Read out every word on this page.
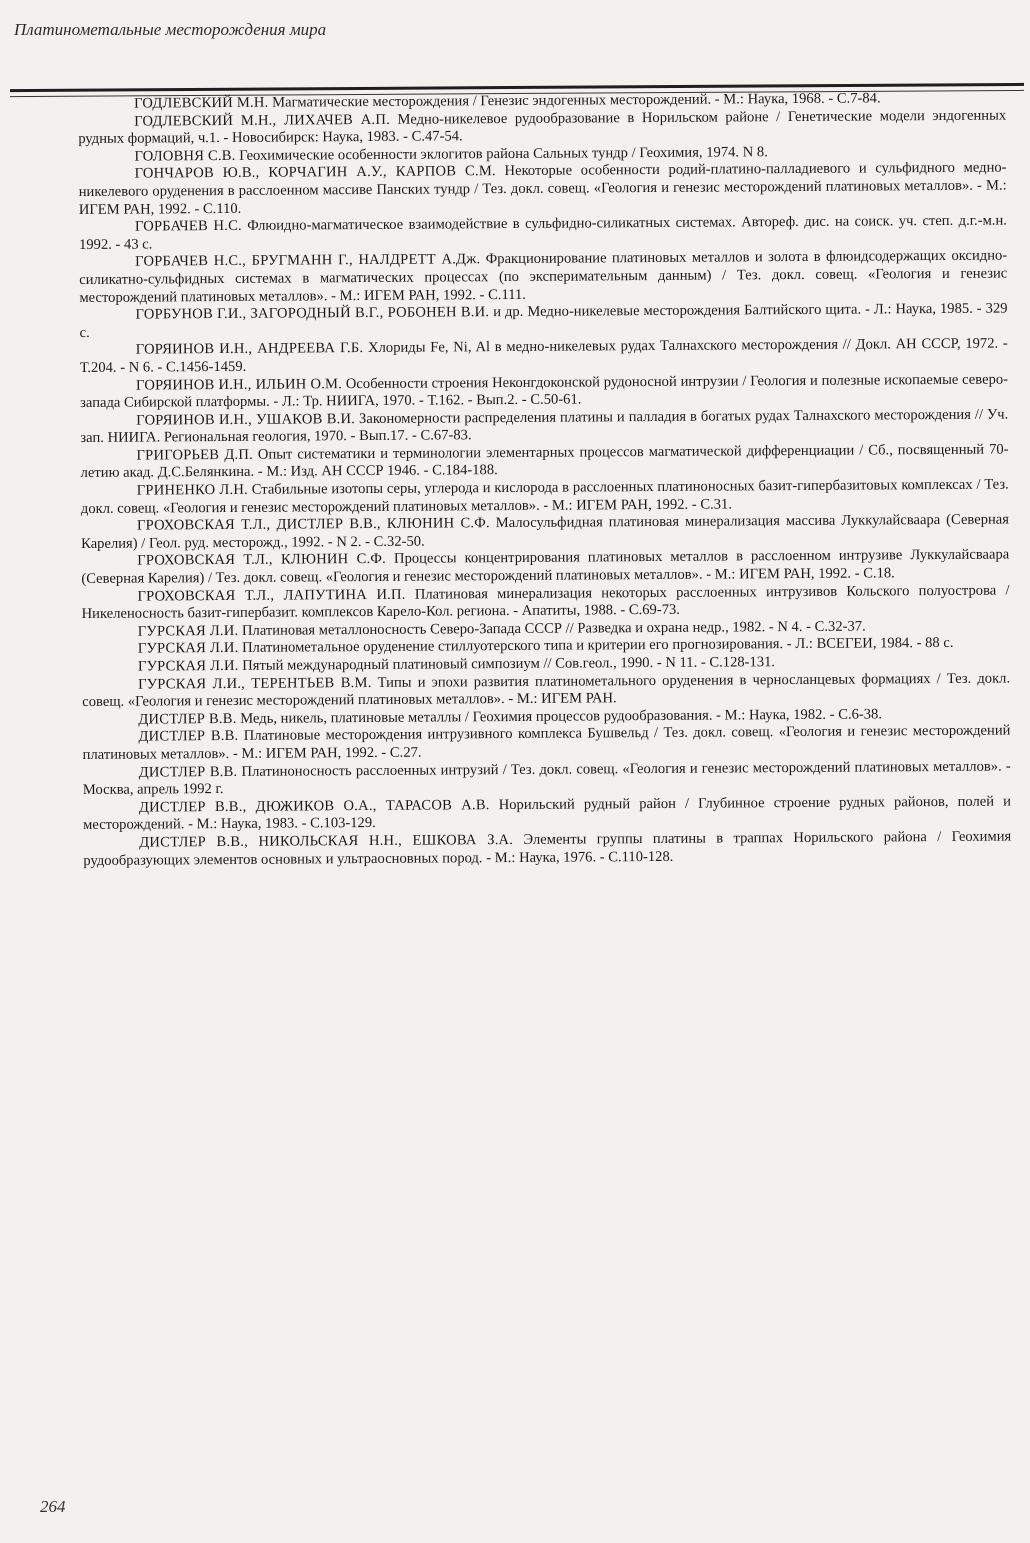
Платинометальные месторождения мира

ГОДЛЕВСКИЙ М.Н. Магматические месторождения / Генезис эндогенных месторождений. - М.: Наука, 1968. - С.7-84.

ГОДЛЕВСКИЙ М.Н., ЛИХАЧЕВ А.П. Медно-никелевое рудообразование в Норильском районе / Генетические модели эндогенных рудных формаций, ч.1. - Новосибирск: Наука, 1983. - С.47-54.

ГОЛОВНЯ С.В. Геохимические особенности эклогитов района Сальных тундр / Геохимия, 1974. N 8.

ГОНЧАРОВ Ю.В., КОРЧАГИН А.У., КАРПОВ С.М. Некоторые особенности родий-платино-палладиевого и сульфидного медно-никелевого оруденения в расслоенном массиве Панских тундр / Тез. докл. совещ. «Геология и генезис месторождений платиновых металлов». - М.: ИГЕМ РАН, 1992. - С.110.

ГОРБАЧЕВ Н.С. Флюидно-магматическое взаимодействие в сульфидно-силикатных системах. Автореф. дис. на соиск. уч. степ. д.г.-м.н. 1992. - 43 с.

ГОРБАЧЕВ Н.С., БРУГМАНН Г., НАЛДРЕТТ А.Дж. Фракционирование платиновых металлов и золота в флюидсодержащих оксидно-силикатно-сульфидных системах в магматических процессах (по эксперимательным данным) / Тез. докл. совещ. «Геология и генезис месторождений платиновых металлов». - М.: ИГЕМ РАН, 1992. - С.111.

ГОРБУНОВ Г.И., ЗАГОРОДНЫЙ В.Г., РОБОНЕН В.И. и др. Медно-никелевые месторождения Балтийского щита. - Л.: Наука, 1985. - 329 с.

ГОРЯИНОВ И.Н., АНДРЕЕВА Г.Б. Хлориды Fe, Ni, Al в медно-никелевых рудах Талнахского месторождения // Докл. АН СССР, 1972. - Т.204. - N 6. - С.1456-1459.

ГОРЯИНОВ И.Н., ИЛЬИН О.М. Особенности строения Неконгдоконской рудоносной интрузии / Геология и полезные ископаемые северо-запада Сибирской платформы. - Л.: Тр. НИИГА, 1970. - Т.162. - Вып.2. - С.50-61.

ГОРЯИНОВ И.Н., УШАКОВ В.И. Закономерности распределения платины и палладия в богатых рудах Талнахского месторождения // Уч. зап. НИИГА. Региональная геология, 1970. - Вып.17. - С.67-83.

ГРИГОРЬЕВ Д.П. Опыт систематики и терминологии элементарных процессов магматической дифференциации / Сб., посвященный 70-летию акад. Д.С.Белянкина. - М.: Изд. АН СССР 1946. - С.184-188.

ГРИНЕНКО Л.Н. Стабильные изотопы серы, углерода и кислорода в расслоенных платиноносных базит-гипербазитовых комплексах / Тез. докл. совещ. «Геология и генезис месторождений платиновых металлов». - М.: ИГЕМ РАН, 1992. - С.31.

ГРОХОВСКАЯ Т.Л., ДИСТЛЕР В.В., КЛЮНИН С.Ф. Малосульфидная платиновая минерализация массива Луккулайсваара (Северная Карелия) / Геол. руд. месторожд., 1992. - N 2. - С.32-50.

ГРОХОВСКАЯ Т.Л., КЛЮНИН С.Ф. Процессы концентрирования платиновых металлов в расслоенном интрузиве Луккулайсваара (Северная Карелия) / Тез. докл. совещ. «Геология и генезис месторождений платиновых металлов». - М.: ИГЕМ РАН, 1992. - С.18.

ГРОХОВСКАЯ Т.Л., ЛАПУТИНА И.П. Платиновая минерализация некоторых расслоенных интрузивов Кольского полуострова / Никеленосность базит-гипербазит. комплексов Карело-Кол. региона. - Апатиты, 1988. - С.69-73.

ГУРСКАЯ Л.И. Платиновая металлоносность Северо-Запада СССР // Разведка и охрана недр., 1982. - N 4. - С.32-37.

ГУРСКАЯ Л.И. Платинометальное оруденение стиллуотерского типа и критерии его прогнозирования. - Л.: ВСЕГЕИ, 1984. - 88 с.

ГУРСКАЯ Л.И. Пятый международный платиновый симпозиум // Сов.геол., 1990. - N 11. - С.128-131.

ГУРСКАЯ Л.И., ТЕРЕНТЬЕВ В.М. Типы и эпохи развития платинометального оруденения в черносланцевых формациях / Тез. докл. совещ. «Геология и генезис месторождений платиновых металлов». - М.: ИГЕМ РАН.

ДИСТЛЕР В.В. Медь, никель, платиновые металлы / Геохимия процессов рудообразования. - М.: Наука, 1982. - С.6-38.

ДИСТЛЕР В.В. Платиновые месторождения интрузивного комплекса Бушвельд / Тез. докл. совещ. «Геология и генезис месторождений платиновых металлов». - М.: ИГЕМ РАН, 1992. - С.27.

ДИСТЛЕР В.В. Платиноносность расслоенных интрузий / Тез. докл. совещ. «Геология и генезис месторождений платиновых металлов». - Москва, апрель 1992 г.

ДИСТЛЕР В.В., ДЮЖИКОВ О.А., ТАРАСОВ А.В. Норильский рудный район / Глубинное строение рудных районов, полей и месторождений. - М.: Наука, 1983. - С.103-129.

ДИСТЛЕР В.В., НИКОЛЬСКАЯ Н.Н., ЕШКОВА З.А. Элементы группы платины в траппах Норильского района / Геохимия рудообразующих элементов основных и ультраосновных пород. - М.: Наука, 1976. - С.110-128.

264
